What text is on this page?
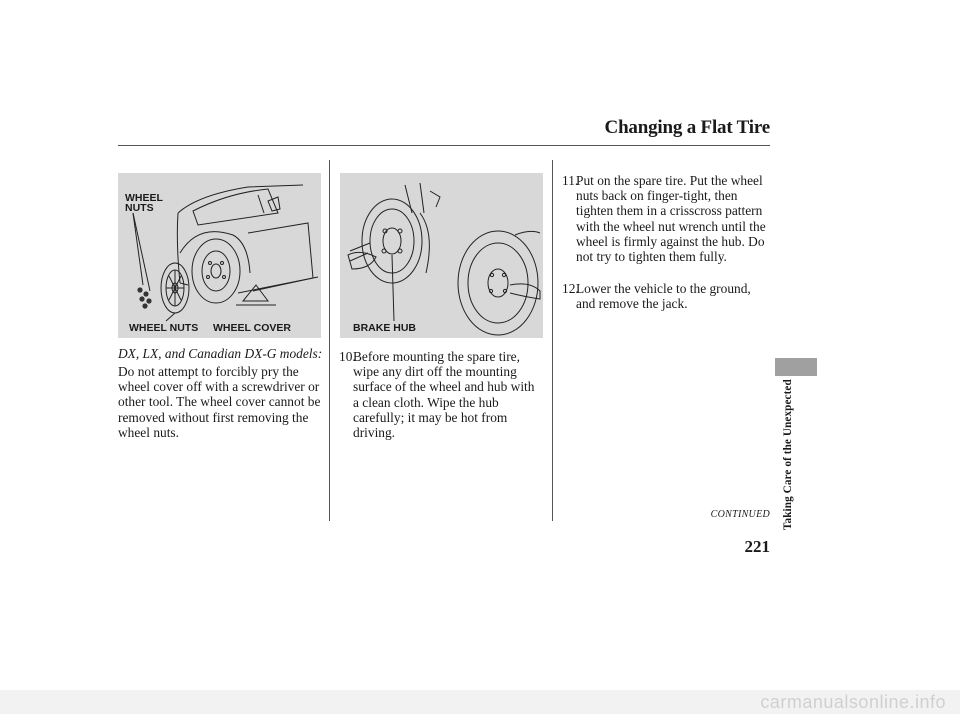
Changing a Flat Tire
WHEEL
NUTS
WHEEL NUTS WHEEL COVER	BRAKE HUB
DX, LX, and Canadian DX-G models:
Do not attempt to forcibly pry the wheel cover off with a screwdriver or other tool. The wheel cover cannot be removed without first removing the wheel nuts.
10.
Before mounting the spare tire, wipe any dirt off the mounting surface of the wheel and hub with a clean cloth. Wipe the hub carefully; it may be hot from driving.
11.
Put on the spare tire. Put the wheel nuts back on finger-tight, then tighten them in a crisscross pattern with the wheel nut wrench until the wheel is firmly against the hub. Do not try to tighten them fully.
12.
Lower the vehicle to the ground, and remove the jack.
Taking Care of the Unexpected
CONTINUED
221
carmanualsonline.info
